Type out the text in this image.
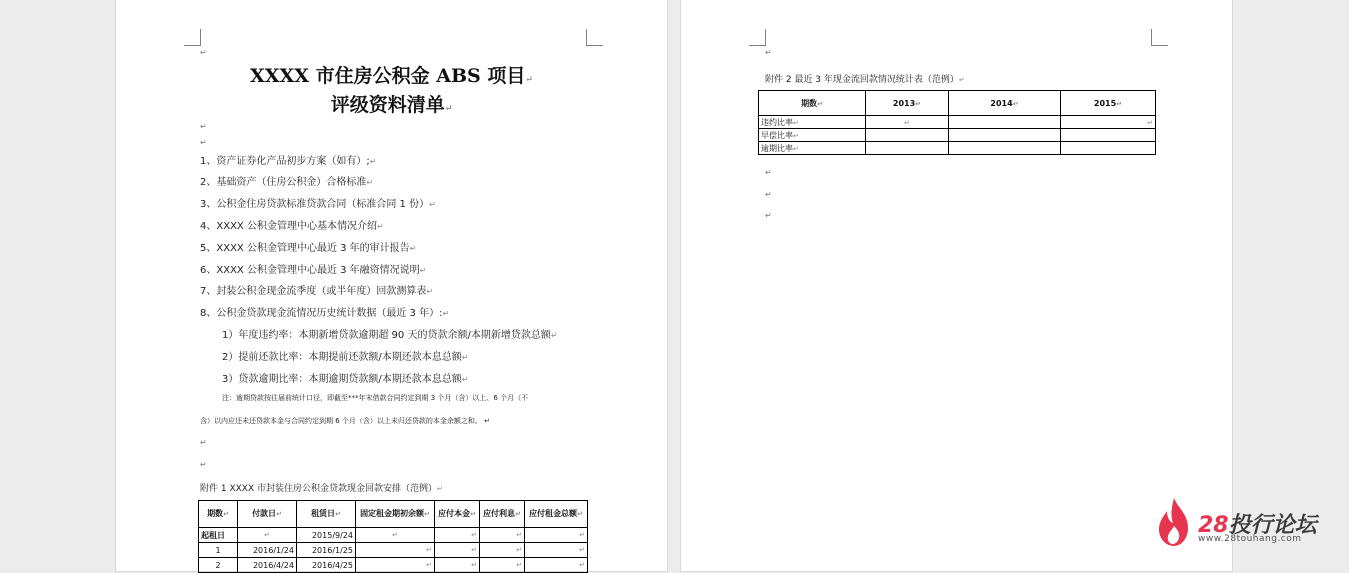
↵
XXXX 市住房公积金 ABS 项目↵
评级资料清单↵
↵
↵
1、资产证券化产品初步方案（如有）;↵
2、基础资产（住房公积金）合格标准↵
3、公积金住房贷款标准贷款合同（标准合同 1 份）↵
4、XXXX 公积金管理中心基本情况介绍↵
5、XXXX 公积金管理中心最近 3 年的审计报告↵
6、XXXX 公积金管理中心最近 3 年融资情况说明↵
7、封装公积金现金流季度（或半年度）回款测算表↵
8、公积金贷款现金流情况历史统计数据（最近 3 年）:↵
1）年度违约率：本期新增贷款逾期超 90 天的贷款余额/本期新增贷款总额↵
2）提前还款比率：本期提前还款额/本期还款本息总额↵
3）贷款逾期比率：本期逾期贷款额/本期还款本息总额↵
注：逾期贷款按往届前统计口径，即截至***年末借款合同约定到期 3 个月（含）以上、6 个月（不
含）以内应还未还贷款本金与合同约定到期 6 个月（含）以上未归还贷款的本金余额之和。 ↵
↵
↵
附件 1 XXXX 市封装住房公积金贷款现金回款安排（范例）↵
期数↵	付款日↵	租赁日↵	固定租金期初余额↵	应付本金↵	应付利息↵	应付租金总额↵
起租日	↵	2015/9/24	↵	↵	↵	↵
1	2016/1/24	2016/1/25	↵	↵	↵	↵
2	2016/4/24	2016/4/25	↵	↵	↵	↵
↵
附件 2 最近 3 年现金流回款情况统计表（范例）↵
期数↵	2013↵	2014↵	2015↵
违约比率↵	↵		↵
早偿比率↵			
逾期比率↵			
↵
↵
↵
28投行论坛
www.28touhang.com
